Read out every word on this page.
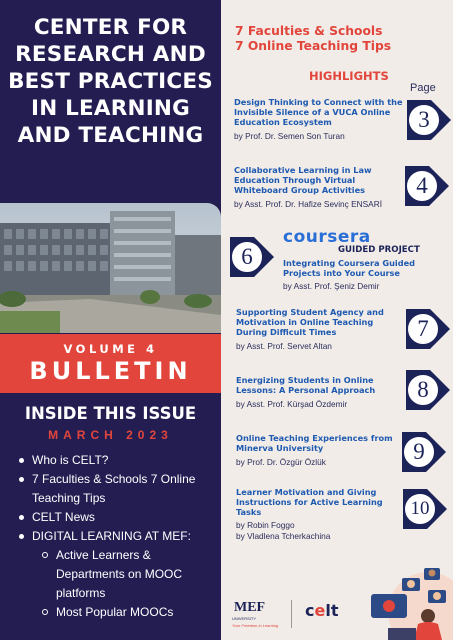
CENTER FOR RESEARCH AND BEST PRACTICES IN LEARNING AND TEACHING
VOLUME 4
BULLETIN
INSIDE THIS ISSUE
MARCH 2023
Who is CELT?
7 Faculties & Schools 7 Online Teaching Tips
CELT News
DIGITAL LEARNING AT MEF:
Active Learners & Departments on MOOC platforms
Most Popular MOOCs
7 Faculties & Schools
7 Online Teaching Tips
HIGHLIGHTS
Page
Design Thinking to Connect with the Invisible Silence of a VUCA Online Education Ecosystem
by Prof. Dr. Semen Son Turan
3
Collaborative Learning in Law Education Through Virtual Whiteboard Group Activities
by Asst. Prof. Dr. Hafize Sevinç ENSARİ
4
coursera
GUIDED PROJECT
6	Integrating Coursera Guided Projects into Your Course
by Asst. Prof. Şeniz Demir
Supporting Student Agency and Motivation in Online Teaching During Difficult Times
by Asst. Prof. Servet Altan
7
Energizing Students in Online Lessons: A Personal Approach
by Asst. Prof. Kürşad Özdemir
8
Online Teaching Experiences from Minerva University
by Prof. Dr. Özgür Özlük	9
Learner Motivation and Giving Instructions for Active Learning Tasks
by Robin Foggo
by Vladlena Tcherkachina
10
MEF
UNIVERSITY
Your Freedom in Learning
celt
